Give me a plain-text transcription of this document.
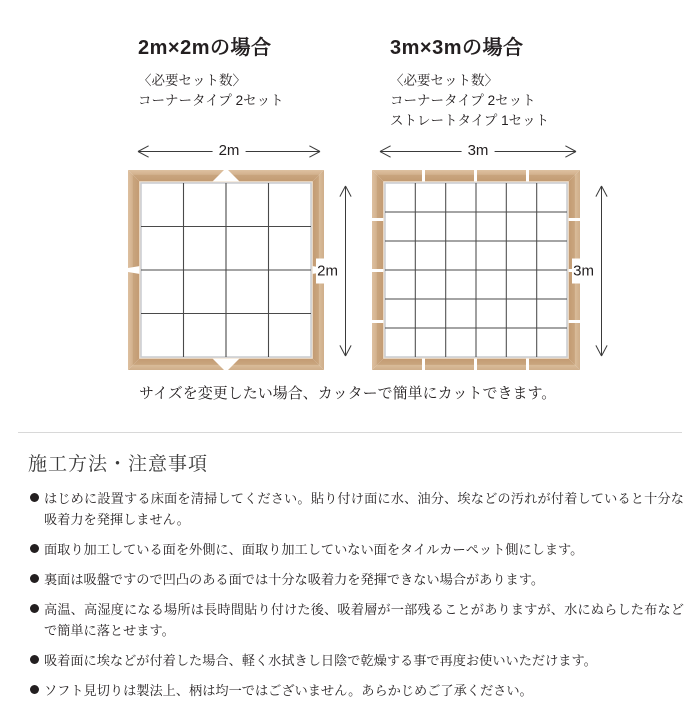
2m×2mの場合
〈必要セット数〉
コーナータイプ 2セット
2m
2m
3m×3mの場合
〈必要セット数〉
コーナータイプ 2セット
ストレートタイプ 1セット
3m
3m
サイズを変更したい場合、カッターで簡単にカットできます。
施工方法・注意事項
はじめに設置する床面を清掃してください。貼り付け面に水、油分、埃などの汚れが付着していると十分な吸着力を発揮しません。
面取り加工している面を外側に、面取り加工していない面をタイルカーペット側にします。
裏面は吸盤ですので凹凸のある面では十分な吸着力を発揮できない場合があります。
高温、高湿度になる場所は長時間貼り付けた後、吸着層が一部残ることがありますが、水にぬらした布などで簡単に落とせます。
吸着面に埃などが付着した場合、軽く水拭きし日陰で乾燥する事で再度お使いいただけます。
ソフト見切りは製法上、柄は均一ではございません。あらかじめご了承ください。
